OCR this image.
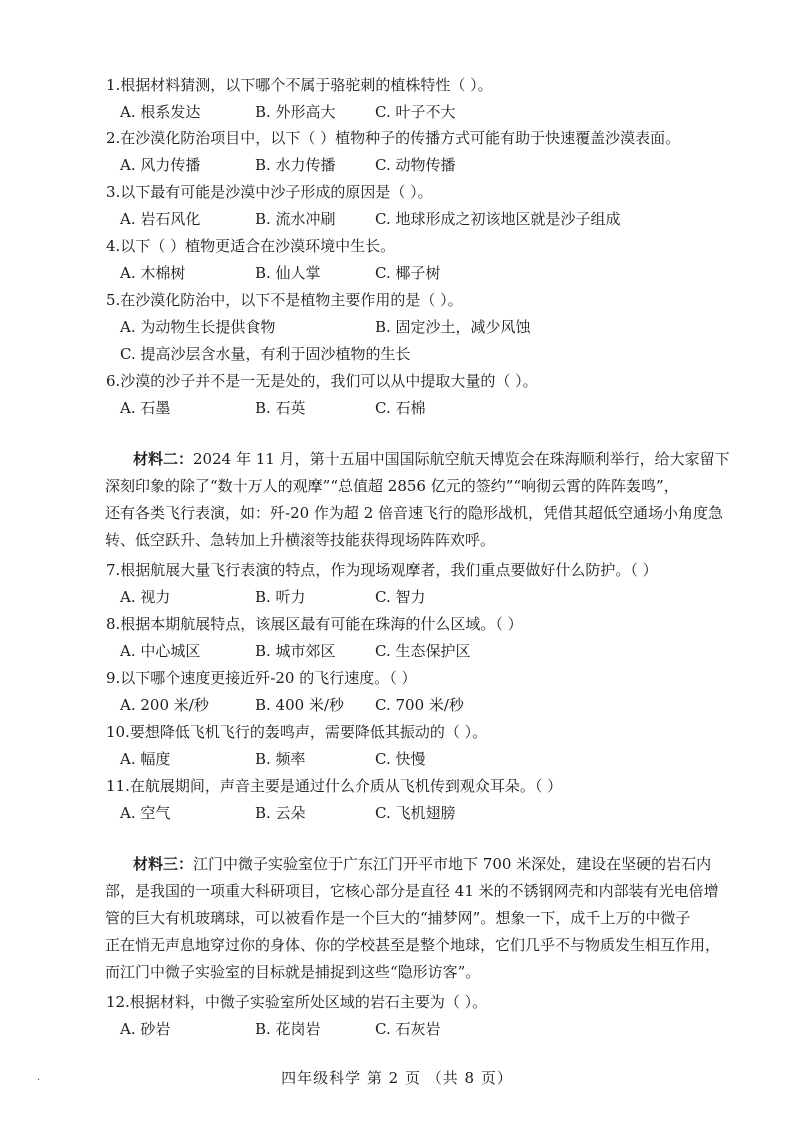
1.根据材料猜测，以下哪个不属于骆驼刺的植株特性（ ）。
A. 根系发达	B. 外形高大	C. 叶子不大
2.在沙漠化防治项目中，以下（ ）植物种子的传播方式可能有助于快速覆盖沙漠表面。
A. 风力传播	B. 水力传播	C. 动物传播
3.以下最有可能是沙漠中沙子形成的原因是（ ）。
A. 岩石风化	B. 流水冲刷	C. 地球形成之初该地区就是沙子组成
4.以下（ ）植物更适合在沙漠环境中生长。
A. 木棉树	B. 仙人掌	C. 椰子树
5.在沙漠化防治中，以下不是植物主要作用的是（ ）。
A. 为动物生长提供食物	B. 固定沙土，减少风蚀
C. 提高沙层含水量，有利于固沙植物的生长
6.沙漠的沙子并不是一无是处的，我们可以从中提取大量的（ ）。
A. 石墨	B. 石英	C. 石棉

材料二：2024 年 11 月，第十五届中国国际航空航天博览会在珠海顺利举行，给大家留下

深刻印象的除了“数十万人的观摩”“总值超 2856 亿元的签约”“响彻云霄的阵阵轰鸣”，

还有各类飞行表演，如：歼-20 作为超 2 倍音速飞行的隐形战机，凭借其超低空通场小角度急

转、低空跃升、急转加上升横滚等技能获得现场阵阵欢呼。

7.根据航展大量飞行表演的特点，作为现场观摩者，我们重点要做好什么防护。（ ）
A. 视力	B. 听力	C. 智力
8.根据本期航展特点，该展区最有可能在珠海的什么区域。（ ）
A. 中心城区	B. 城市郊区	C. 生态保护区
9.以下哪个速度更接近歼-20 的飞行速度。（ ）
A. 200 米/秒	B. 400 米/秒 C. 700 米/秒
10.要想降低飞机飞行的轰鸣声，需要降低其振动的（ ）。
A. 幅度	B. 频率	C. 快慢
11.在航展期间，声音主要是通过什么介质从飞机传到观众耳朵。（ ）
A. 空气	B. 云朵	C. 飞机翅膀

材料三：江门中微子实验室位于广东江门开平市地下 700 米深处，建设在坚硬的岩石内

部，是我国的一项重大科研项目，它核心部分是直径 41 米的不锈钢网壳和内部装有光电倍增

管的巨大有机玻璃球，可以被看作是一个巨大的“捕梦网”。想象一下，成千上万的中微子

正在悄无声息地穿过你的身体、你的学校甚至是整个地球，它们几乎不与物质发生相互作用，

而江门中微子实验室的目标就是捕捉到这些“隐形访客”。

12.根据材料，中微子实验室所处区域的岩石主要为（ ）。
A. 砂岩	B. 花岗岩	C. 石灰岩
·	四年级科学 第 2 页 （共 8 页）
